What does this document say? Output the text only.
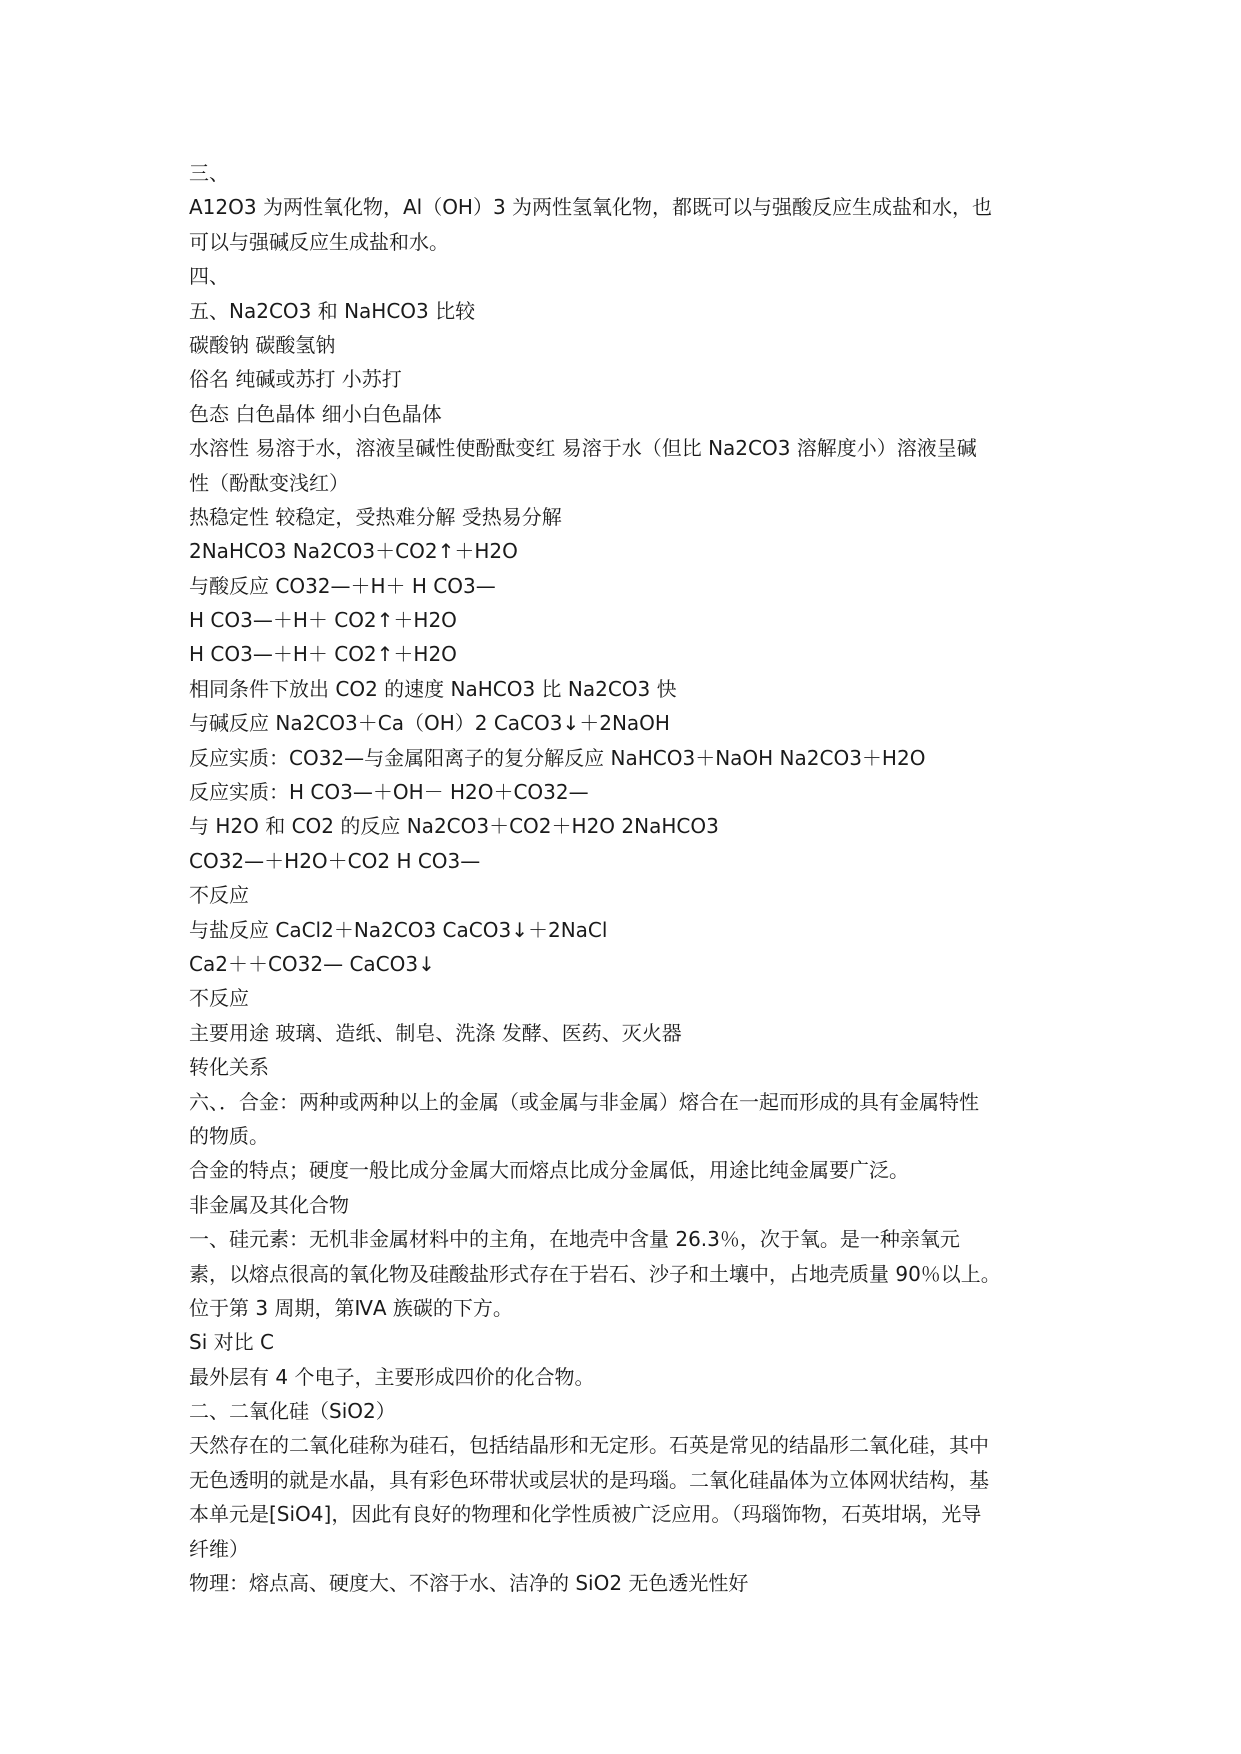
三、
A12O3 为两性氧化物，Al（OH）3 为两性氢氧化物，都既可以与强酸反应生成盐和水，也
可以与强碱反应生成盐和水。
四、
五、Na2CO3 和 NaHCO3 比较
碳酸钠 碳酸氢钠
俗名 纯碱或苏打 小苏打
色态 白色晶体 细小白色晶体
水溶性 易溶于水，溶液呈碱性使酚酞变红 易溶于水（但比 Na2CO3 溶解度小）溶液呈碱
性（酚酞变浅红）
热稳定性 较稳定，受热难分解 受热易分解
2NaHCO3 Na2CO3＋CO2↑＋H2O
与酸反应 CO32—＋H＋ H CO3—
H CO3—＋H＋ CO2↑＋H2O
H CO3—＋H＋ CO2↑＋H2O
相同条件下放出 CO2 的速度 NaHCO3 比 Na2CO3 快
与碱反应 Na2CO3＋Ca（OH）2 CaCO3↓＋2NaOH
反应实质：CO32—与金属阳离子的复分解反应 NaHCO3＋NaOH Na2CO3＋H2O
反应实质：H CO3—＋OH－ H2O＋CO32—
与 H2O 和 CO2 的反应 Na2CO3＋CO2＋H2O 2NaHCO3
CO32—＋H2O＋CO2 H CO3—
不反应
与盐反应 CaCl2＋Na2CO3 CaCO3↓＋2NaCl
Ca2＋＋CO32— CaCO3↓
不反应
主要用途 玻璃、造纸、制皂、洗涤 发酵、医药、灭火器
转化关系
六、．合金：两种或两种以上的金属（或金属与非金属）熔合在一起而形成的具有金属特性
的物质。
合金的特点；硬度一般比成分金属大而熔点比成分金属低，用途比纯金属要广泛。
非金属及其化合物
一、硅元素：无机非金属材料中的主角，在地壳中含量 26.3％，次于氧。是一种亲氧元
素，以熔点很高的氧化物及硅酸盐形式存在于岩石、沙子和土壤中，占地壳质量 90％以上。
位于第 3 周期，第ⅣA 族碳的下方。
Si 对比 C
最外层有 4 个电子，主要形成四价的化合物。
二、二氧化硅（SiO2）
天然存在的二氧化硅称为硅石，包括结晶形和无定形。石英是常见的结晶形二氧化硅，其中
无色透明的就是水晶，具有彩色环带状或层状的是玛瑙。二氧化硅晶体为立体网状结构，基
本单元是[SiO4]，因此有良好的物理和化学性质被广泛应用。（玛瑙饰物，石英坩埚，光导
纤维）
物理：熔点高、硬度大、不溶于水、洁净的 SiO2 无色透光性好
